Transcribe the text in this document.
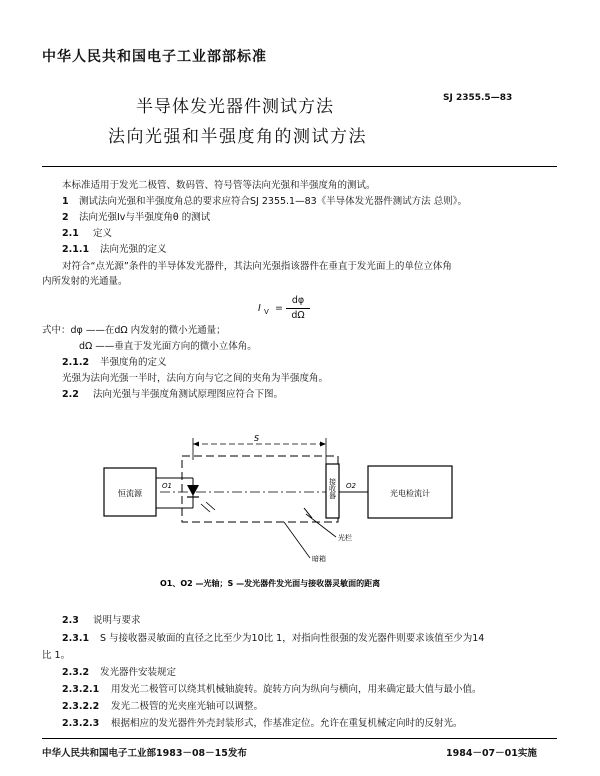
中华人民共和国电子工业部部标准
半导体发光器件测试方法
法向光强和半强度角的测试方法
SJ 2355.5—83
本标准适用于发光二极管、数码管、符号管等法向光强和半强度角的测试。
1 测试法向光强和半强度角总的要求应符合SJ 2355.1—83《半导体发光器件测试方法 总则》。
2 法向光强Iv与半强度角θ 的测试
2.1 定义
2.1.1 法向光强的定义
对符合“点光源”条件的半导体发光器件，其法向光强指该器件在垂直于发光面上的单位立体角
内所发射的光通量。
I V =
dφ
dΩ
式中：dφ ——在dΩ 内发射的微小光通量；
dΩ ——垂直于发光面方向的微小立体角。
2.1.2 半强度角的定义
光强为法向光强一半时，法向方向与它之间的夹角为半强度角。
2.2 法向光强与半强度角测试原理图应符合下图。
恒流源
S
O1	接收器 O2
光电检流计
光栏
暗箱
O1、O2 —光轴；S —发光器件发光面与接收器灵敏面的距离
2.3 说明与要求
2.3.1 S 与接收器灵敏面的直径之比至少为10比 1，对指向性很强的发光器件则要求该值至少为14
比 1。
2.3.2 发光器件安装规定
2.3.2.1 用发光二极管可以绕其机械轴旋转。旋转方向为纵向与横向，用来确定最大值与最小值。
2.3.2.2 发光二极管的光夹座光轴可以调整。
2.3.2.3 根据相应的发光器件外壳封装形式，作基准定位。允许在重复机械定向时的反射光。
中华人民共和国电子工业部1983－08－15发布	1984－07－01实施
